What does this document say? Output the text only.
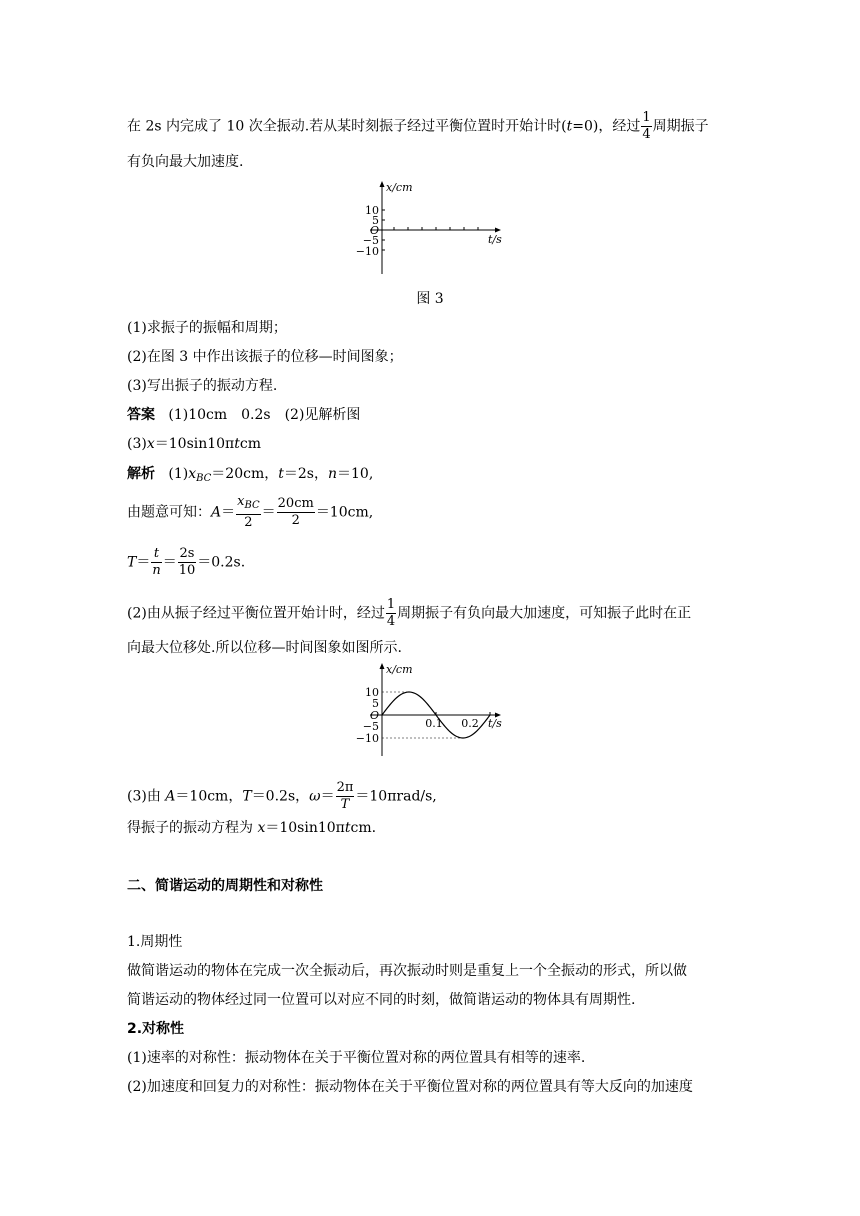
在 2s 内完成了 10 次全振动.若从某时刻振子经过平衡位置时开始计时(t=0)，经过 $\frac{1}{4}$ 周期振子
有负向最大加速度.
x/cm
t/s
10
5
O
−5
−10
图 3
(1)求振子的振幅和周期；
(2)在图 3 中作出该振子的位移—时间图象；
(3)写出振子的振动方程.
答案 (1)10cm　0.2s　(2)见解析图
(3)x＝10sin10πtcm
解析 $(1)x_{BC}=20cm$，t＝2s，n＝10,
由题意可知：$A= \frac{x_{BC}}{2} = \frac{20cm}{2} =10cm$,
$T= \frac{t}{n} = \frac{2s}{10} =0.2s$.
(2)由从振子经过平衡位置开始计时，经过 $\frac{1}{4}$ 周期振子有负向最大加速度，可知振子此时在正
向最大位移处.所以位移—时间图象如图所示.
x/cm
t/s
10
5
O
−5
−10
0.1 0.2
(3)由 A＝10cm，T＝0.2s，$\omega= \frac{2\pi}{T} =10\pi rad/s$,
得振子的振动方程为 x＝10sin10πtcm.
二、简谐运动的周期性和对称性
1.周期性
做简谐运动的物体在完成一次全振动后，再次振动时则是重复上一个全振动的形式，所以做
简谐运动的物体经过同一位置可以对应不同的时刻，做简谐运动的物体具有周期性.
2.对称性
(1)速率的对称性：振动物体在关于平衡位置对称的两位置具有相等的速率.
(2)加速度和回复力的对称性：振动物体在关于平衡位置对称的两位置具有等大反向的加速度
